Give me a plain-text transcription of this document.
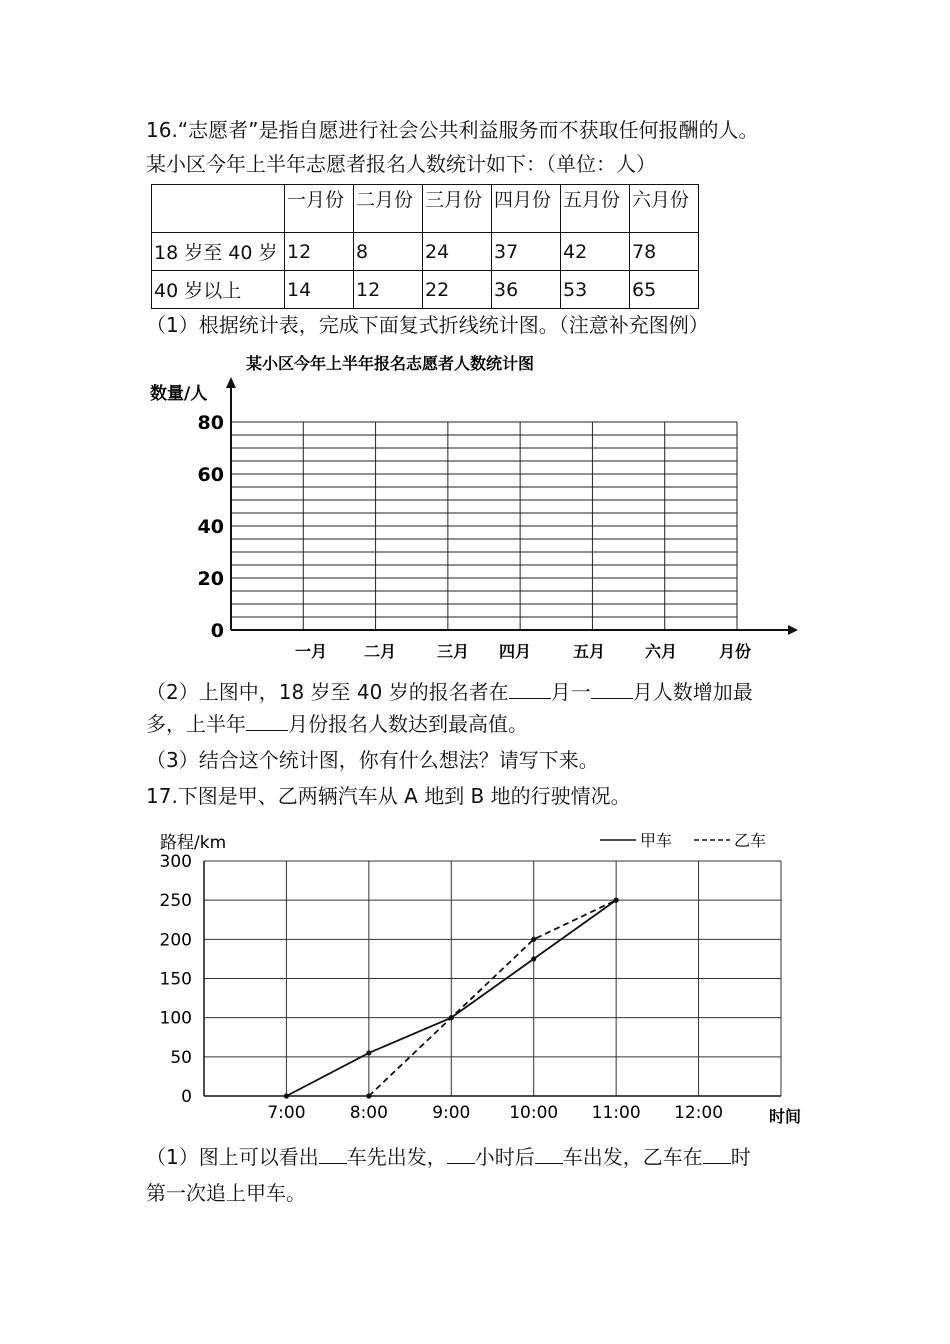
16.“志愿者”是指自愿进行社会公共利益服务而不获取任何报酬的人。
某小区今年上半年志愿者报名人数统计如下：（单位：人）
	一月份	二月份	三月份	四月份	五月份	六月份
18 岁至 40 岁	12	8	24	37	42	78
40 岁以上	14	12	22	36	53	65
（1）根据统计表，完成下面复式折线统计图。（注意补充图例）
某小区今年上半年报名志愿者人数统计图
数量/人
0
20
40
60
80
一月 二月	三月 四月	五月 六月	月份
（2）上图中，18 岁至 40 岁的报名者在 月一 月人数增加最
多，上半年 月份报名人数达到最高值。
（3）结合这个统计图，你有什么想法？请写下来。
17.下图是甲、乙两辆汽车从 A 地到 B 地的行驶情况。
路程/km	甲车	乙车
0
50
100
150
200
250
300
7:00	8:00	9:00 10:00 11:00 12:00	时间
（1）图上可以看出 车先出发， 小时后 车出发，乙车在 时
第一次追上甲车。
